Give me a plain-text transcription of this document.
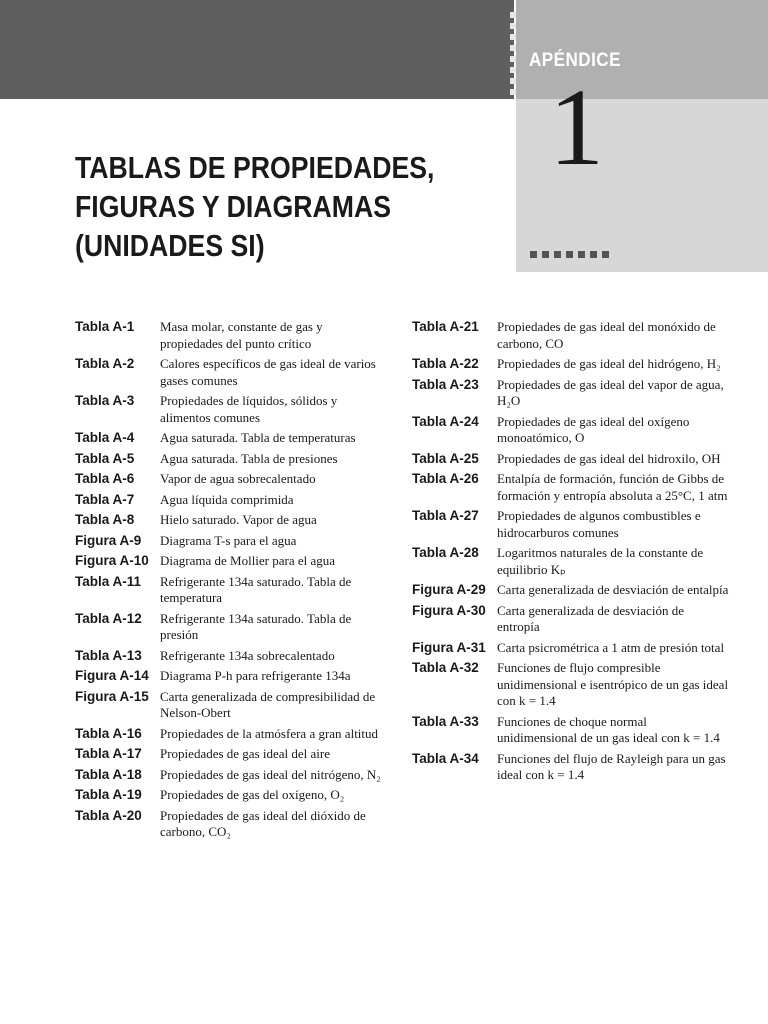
APÉNDICE
1
TABLAS DE PROPIEDADES,
FIGURAS Y DIAGRAMAS
(UNIDADES SI)
Tabla A-1	Masa molar, constante de gas y propiedades del punto crítico
Tabla A-2	Calores específicos de gas ideal de varios gases comunes
Tabla A-3	Propiedades de líquidos, sólidos y alimentos comunes
Tabla A-4	Agua saturada. Tabla de temperaturas
Tabla A-5	Agua saturada. Tabla de presiones
Tabla A-6	Vapor de agua sobrecalentado
Tabla A-7	Agua líquida comprimida
Tabla A-8	Hielo saturado. Vapor de agua
Figura A-9	Diagrama T-s para el agua
Figura A-10 Diagrama de Mollier para el agua
Tabla A-11	Refrigerante 134a saturado. Tabla de temperatura
Tabla A-12	Refrigerante 134a saturado. Tabla de presión
Tabla A-13	Refrigerante 134a sobrecalentado
Figura A-14 Diagrama P-h para refrigerante 134a
Figura A-15 Carta generalizada de compresibilidad de Nelson-Obert
Tabla A-16	Propiedades de la atmósfera a gran altitud
Tabla A-17	Propiedades de gas ideal del aire
Tabla A-18	Propiedades de gas ideal del nitrógeno, N₂
Tabla A-19	Propiedades de gas del oxígeno, O₂
Tabla A-20	Propiedades de gas ideal del dióxido de carbono, CO₂
Tabla A-21	Propiedades de gas ideal del monóxido de carbono, CO
Tabla A-22	Propiedades de gas ideal del hidrógeno, H₂
Tabla A-23	Propiedades de gas ideal del vapor de agua, H₂O
Tabla A-24	Propiedades de gas ideal del oxígeno monoatómico, O
Tabla A-25	Propiedades de gas ideal del hidroxilo, OH
Tabla A-26	Entalpía de formación, función de Gibbs de formación y entropía absoluta a 25°C, 1 atm
Tabla A-27	Propiedades de algunos combustibles e hidrocarburos comunes
Tabla A-28	Logaritmos naturales de la constante de equilibrio Kₚ
Figura A-29 Carta generalizada de desviación de entalpía
Figura A-30 Carta generalizada de desviación de entropía
Figura A-31 Carta psicrométrica a 1 atm de presión total
Tabla A-32	Funciones de flujo compresible unidimensional e isentrópico de un gas ideal con k = 1.4
Tabla A-33	Funciones de choque normal unidimensional de un gas ideal con k = 1.4
Tabla A-34	Funciones del flujo de Rayleigh para un gas ideal con k = 1.4
